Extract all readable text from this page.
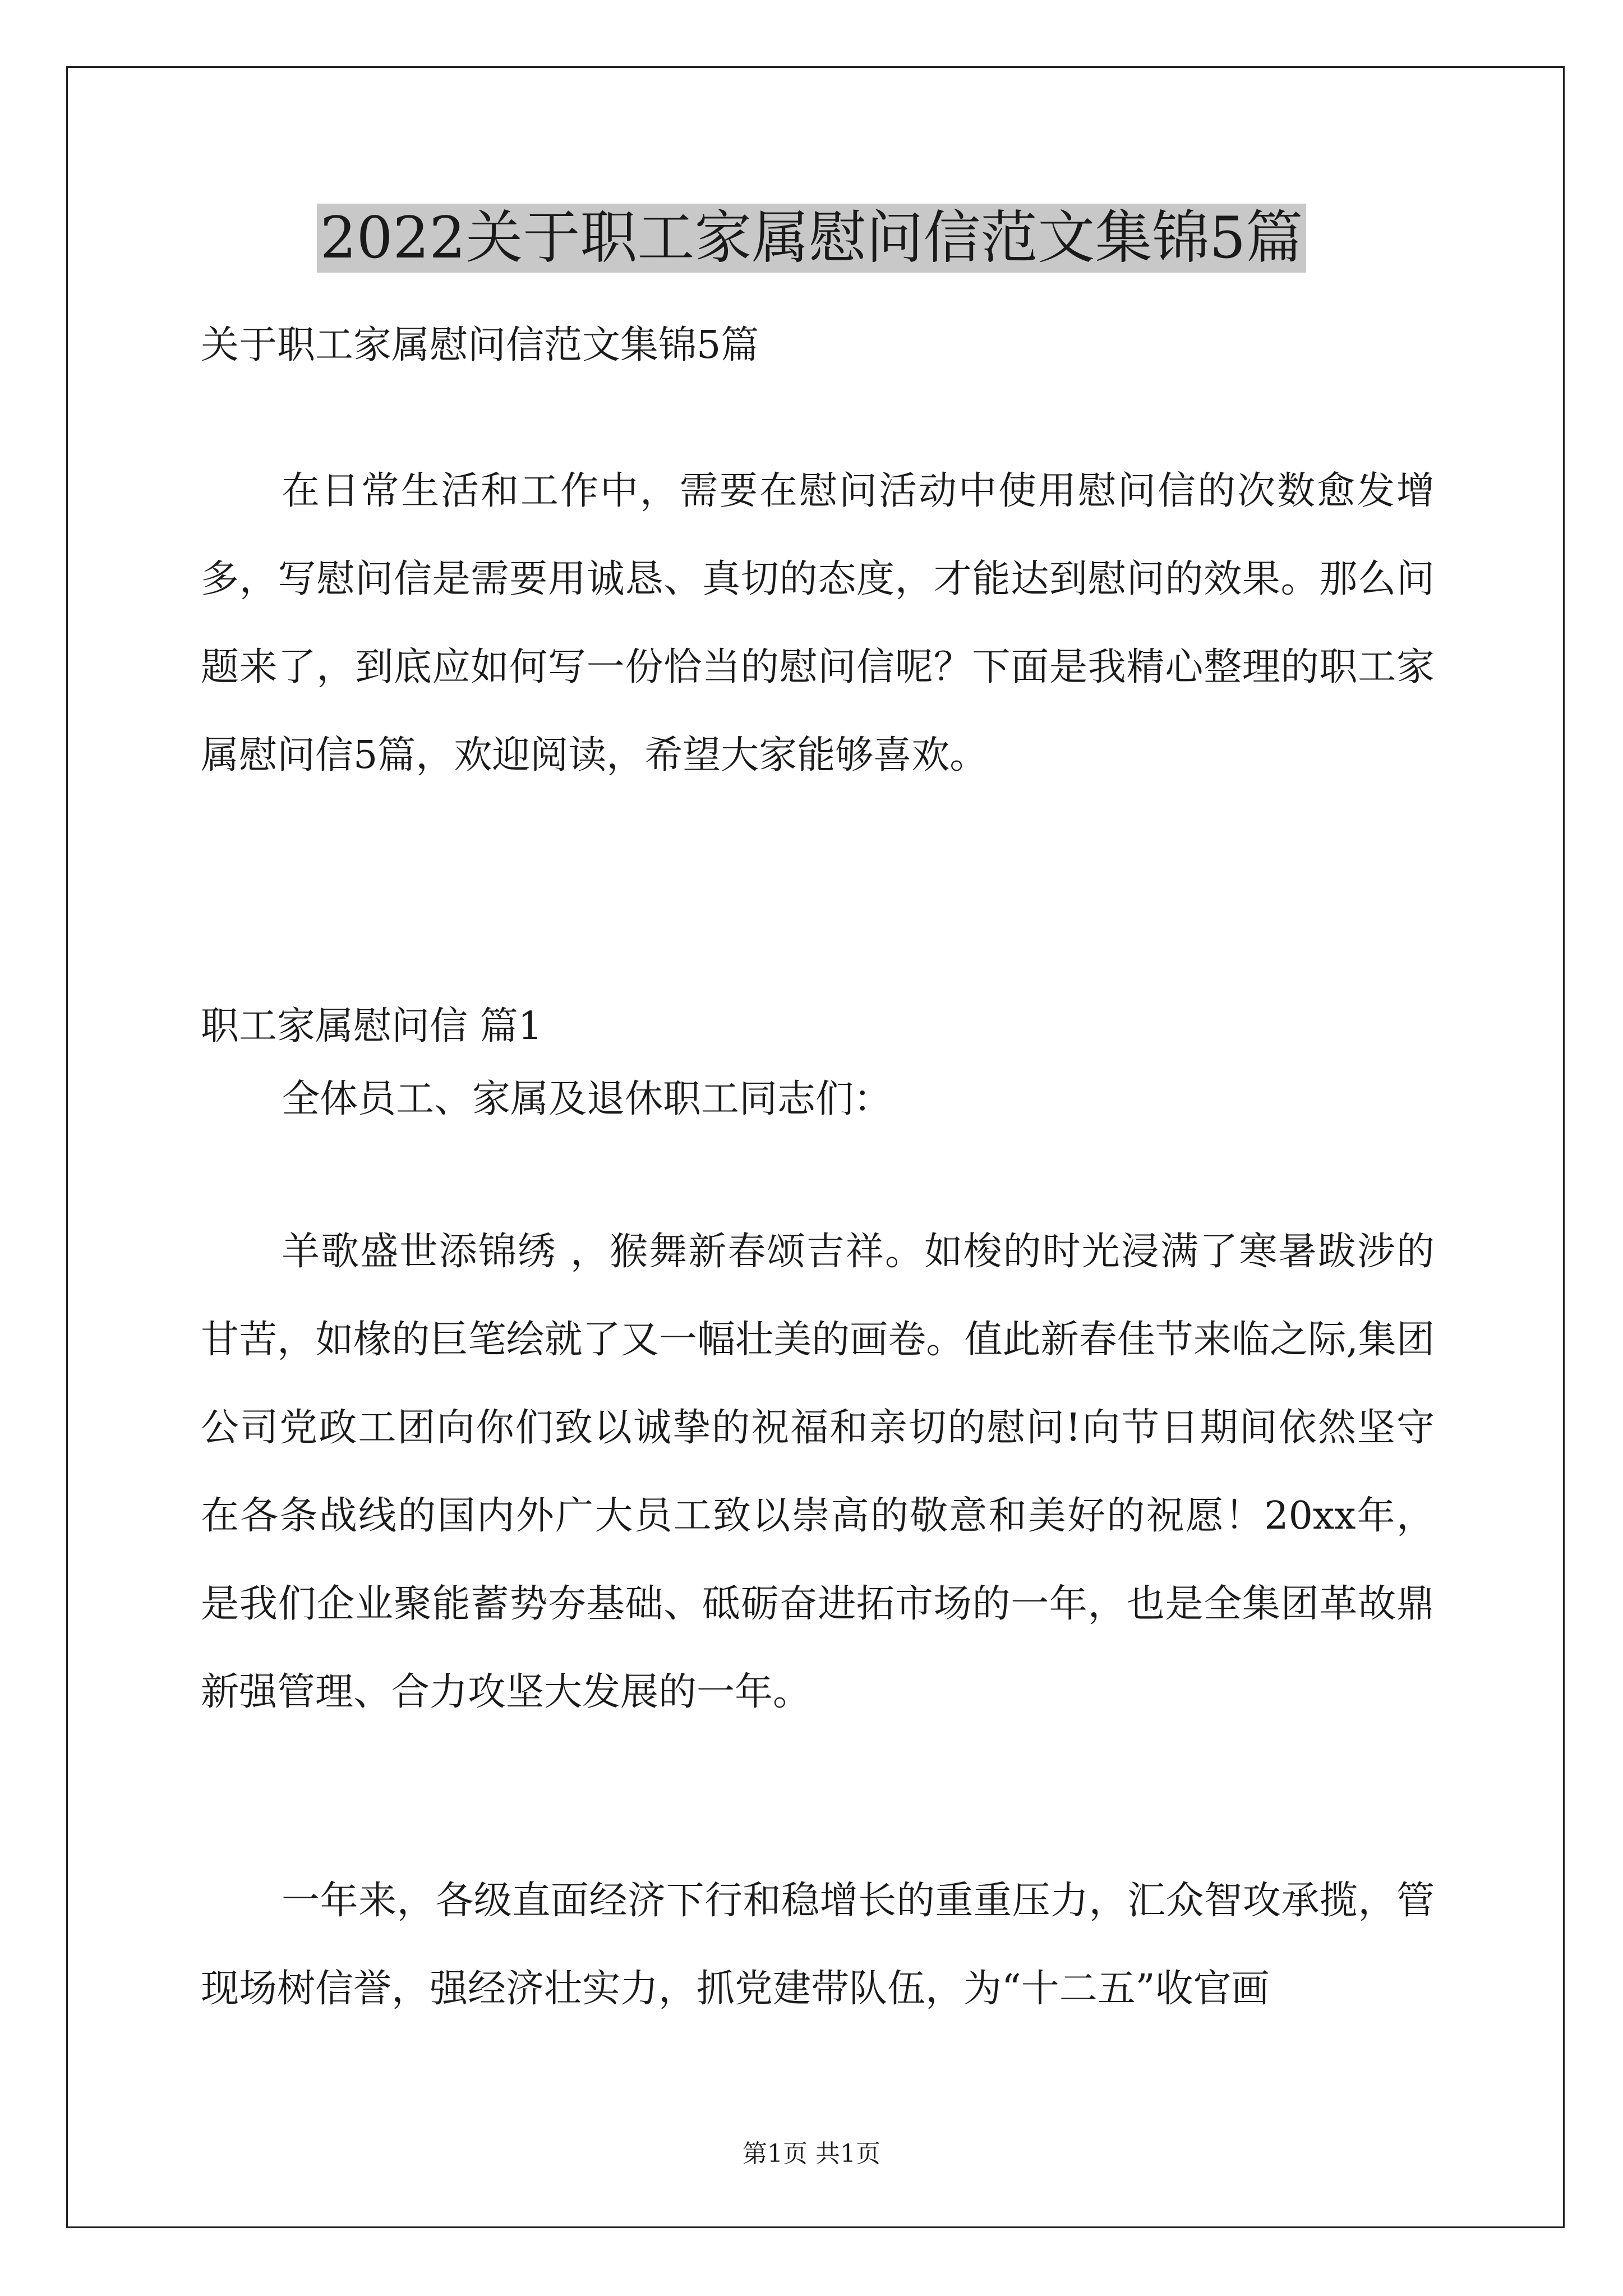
2022关于职工家属慰问信范文集锦5篇
关于职工家属慰问信范文集锦5篇
在日常生活和工作中，需要在慰问活动中使用慰问信的次数愈发增多，写慰问信是需要用诚恳、真切的态度，才能达到慰问的效果。那么问题来了，到底应如何写一份恰当的慰问信呢？下面是我精心整理的职工家属慰问信5篇，欢迎阅读，希望大家能够喜欢。
职工家属慰问信 篇1
全体员工、家属及退休职工同志们：
羊歌盛世添锦绣 ，猴舞新春颂吉祥。如梭的时光浸满了寒暑跋涉的甘苦，如椽的巨笔绘就了又一幅壮美的画卷。值此新春佳节来临之际,集团公司党政工团向你们致以诚挚的祝福和亲切的慰问!向节日期间依然坚守在各条战线的国内外广大员工致以崇高的敬意和美好的祝愿！20xx年，是我们企业聚能蓄势夯基础、砥砺奋进拓市场的一年，也是全集团革故鼎新强管理、合力攻坚大发展的一年。
一年来，各级直面经济下行和稳增长的重重压力，汇众智攻承揽，管现场树信誉，强经济壮实力，抓党建带队伍，为“十二五”收官画
第1页 共1页
